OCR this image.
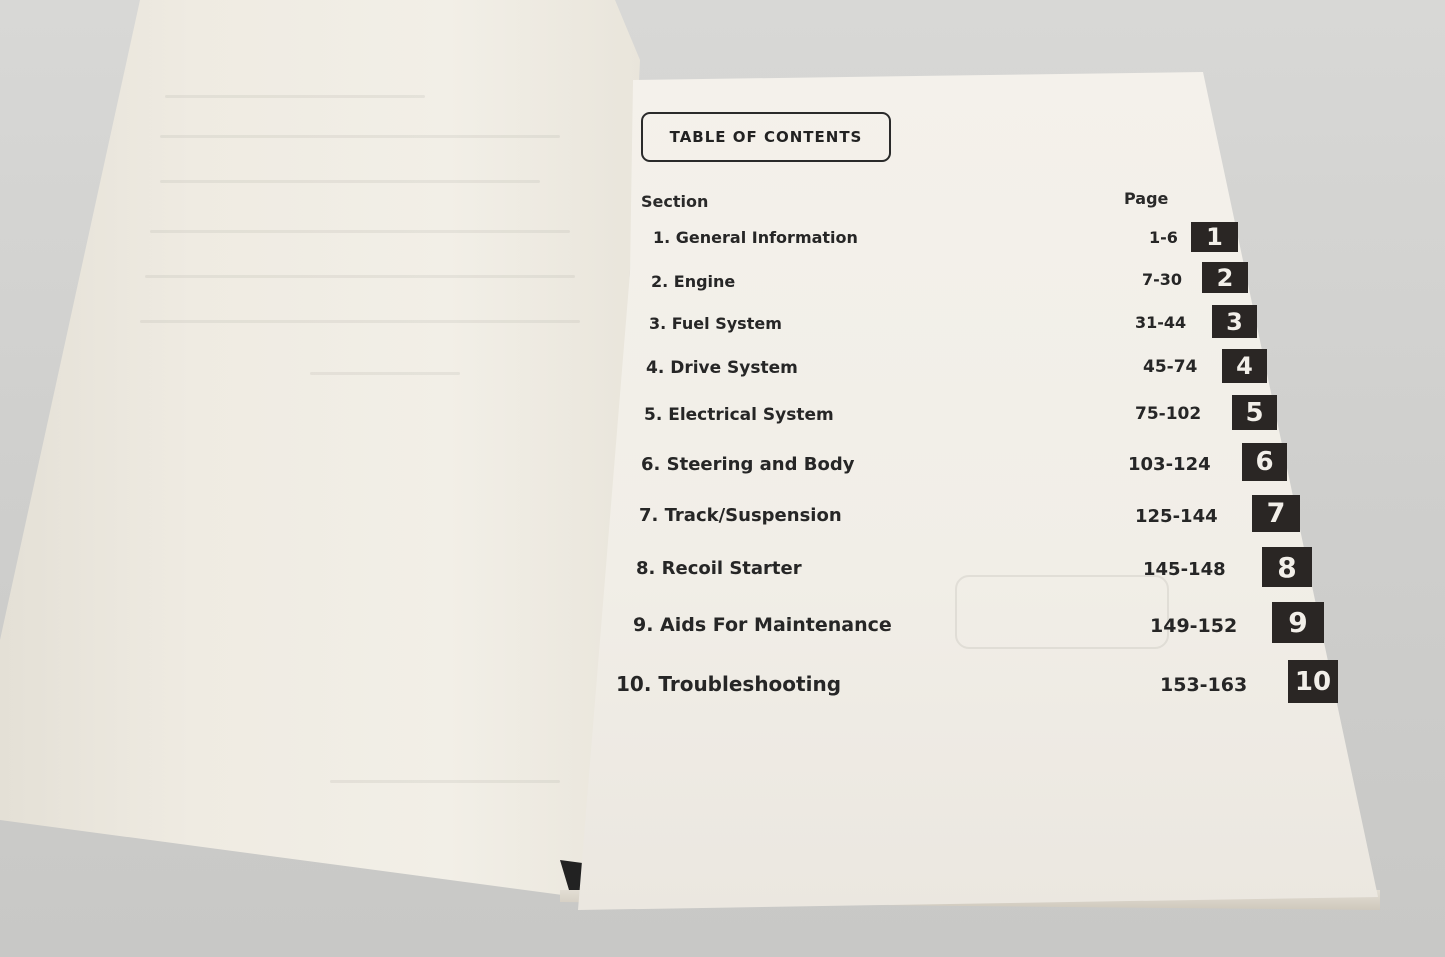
TABLE OF CONTENTS
Section	Page
1. General Information	1-6	1
2. Engine	7-30	2
3. Fuel System	31-44	3
4. Drive System	45-74	4
5. Electrical System	75-102	5
6. Steering and Body	103-124	6
7. Track/Suspension	125-144	7
8. Recoil Starter	145-148	8
9. Aids For Maintenance	149-152	9
10. Troubleshooting	153-163 10
